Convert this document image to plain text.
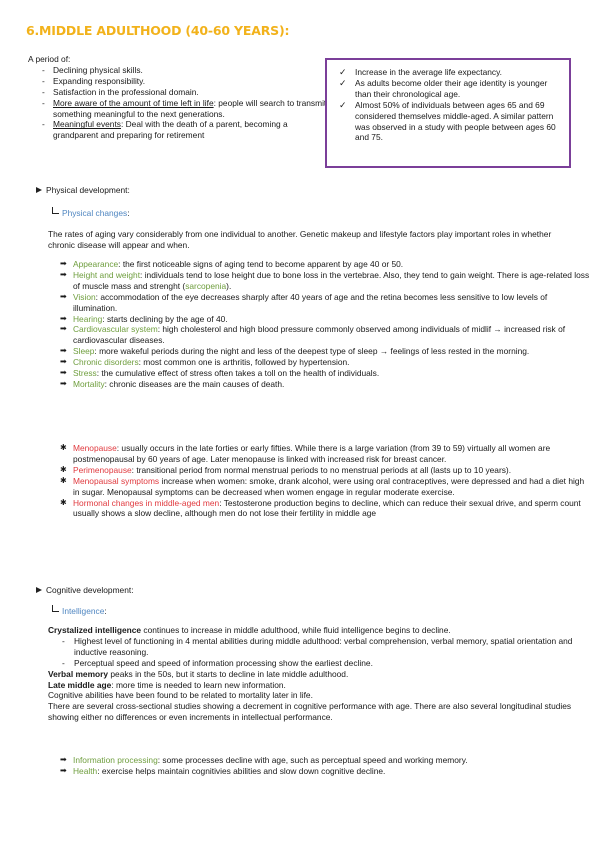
6.MIDDLE ADULTHOOD (40-60 YEARS):
A period of:
- Declining physical skills.
- Expanding responsibility.
- Satisfaction in the professional domain.
- More aware of the amount of time left in life: people will search to transmit something meaningful to the next generations.
- Meaningful events: Deal with the death of a parent, becoming a grandparent and preparing for retirement
✓ Increase in the average life expectancy.
✓ As adults become older their age identity is younger than their chronological age.
✓ Almost 50% of individuals between ages 65 and 69 considered themselves middle-aged. A similar pattern was observed in a study with people between ages 60 and 75.
Physical development:
Physical changes :
The rates of aging vary considerably from one individual to another. Genetic makeup and lifestyle factors play important roles in whether chronic disease will appear and when.
➡ Appearance: the first noticeable signs of aging tend to become apparent by age 40 or 50.
➡ Height and weight: individuals tend to lose height due to bone loss in the vertebrae. Also, they tend to gain weight. There is age-related loss of muscle mass and strenght (sarcopenia).
➡ Vision: accommodation of the eye decreases sharply after 40 years of age and the retina becomes less sensitive to low levels of illumination.
➡ Hearing: starts declining by the age of 40.
➡ Cardiovascular system: high cholesterol and high blood pressure commonly observed among individuals of midlif → increased risk of cardiovascular diseases.
➡ Sleep: more wakeful periods during the night and less of the deepest type of sleep → feelings of less rested in the morning.
➡ Chronic disorders: most common one is arthritis, followed by hypertension.
➡ Stress: the cumulative effect of stress often takes a toll on the health of individuals.
➡ Mortality: chronic diseases are the main causes of death.
✱ Menopause: usually occurs in the late forties or early fifties. While there is a large variation (from 39 to 59) virtually all women are postmenopausal by 60 years of age. Later menopause is linked with increased risk for breast cancer.
✱ Perimenopause: transitional period from normal menstrual periods to no menstrual periods at all (lasts up to 10 years).
✱ Menopausal symptoms increase when women: smoke, drank alcohol, were using oral contraceptives, were depressed and had a diet high in sugar. Menopausal symptoms can be decreased when women engage in regular moderate exercise.
✱ Hormonal changes in middle-aged men: Testosterone production begins to decline, which can reduce their sexual drive, and sperm count usually shows a slow decline, although men do not lose their fertility in middle age
Cognitive development:
Intelligence :
Crystalized intelligence continues to increase in middle adulthood, while fluid intelligence begins to decline.
- Highest level of functioning in 4 mental abilities during middle adulthood: verbal comprehension, verbal memory, spatial orientation and inductive reasoning.
- Perceptual speed and speed of information processing show the earliest decline.
Verbal memory peaks in the 50s, but it starts to decline in late middle adulthood.
Late middle age: more time is needed to learn new information.
Cognitive abilities have been found to be related to mortality later in life.
There are several cross-sectional studies showing a decrement in cognitive performance with age. There are also several longitudinal studies showing either no differences or even increments in intellectual performance.
➡ Information processing: some processes decline with age, such as perceptual speed and working memory.
➡ Health: exercise helps maintain cognitivies abilities and slow down cognitive decline.
